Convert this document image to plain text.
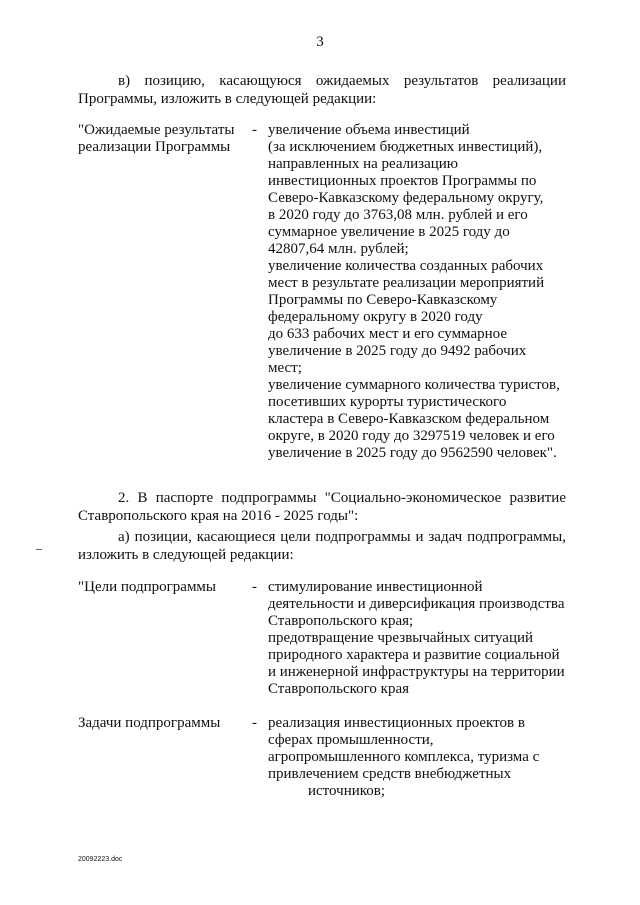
3
в) позицию, касающуюся ожидаемых результатов реализации
Программы, изложить в следующей редакции:
"Ожидаемые результаты
реализации Программы
- увеличение объема инвестиций
(за исключением бюджетных инвестиций),
направленных на реализацию
инвестиционных проектов Программы по
Северо-Кавказскому федеральному округу,
в 2020 году до 3763,08 млн. рублей и его
суммарное увеличение в 2025 году до
42807,64 млн. рублей;
увеличение количества созданных рабочих
мест в результате реализации мероприятий
Программы по Северо-Кавказскому
федеральному округу в 2020 году
до 633 рабочих мест и его суммарное
увеличение в 2025 году до 9492 рабочих
мест;
увеличение суммарного количества туристов,
посетивших курорты туристического
кластера в Северо-Кавказском федеральном
округе, в 2020 году до 3297519 человек и его
увеличение в 2025 году до 9562590 человек".
2. В паспорте подпрограммы "Социально-экономическое развитие
Ставропольского края на 2016 - 2025 годы":
а) позиции, касающиеся цели подпрограммы и задач подпрограммы,
изложить в следующей редакции:
"Цели подпрограммы	- стимулирование инвестиционной
деятельности и диверсификация производства
Ставропольского края;
предотвращение чрезвычайных ситуаций
природного характера и развитие социальной
и инженерной инфраструктуры на территории
Ставропольского края
Задачи подпрограммы	- реализация инвестиционных проектов в
сферах промышленности,
агропромышленного комплекса, туризма с
привлечением средств внебюджетных
источников;
20092223.doc
